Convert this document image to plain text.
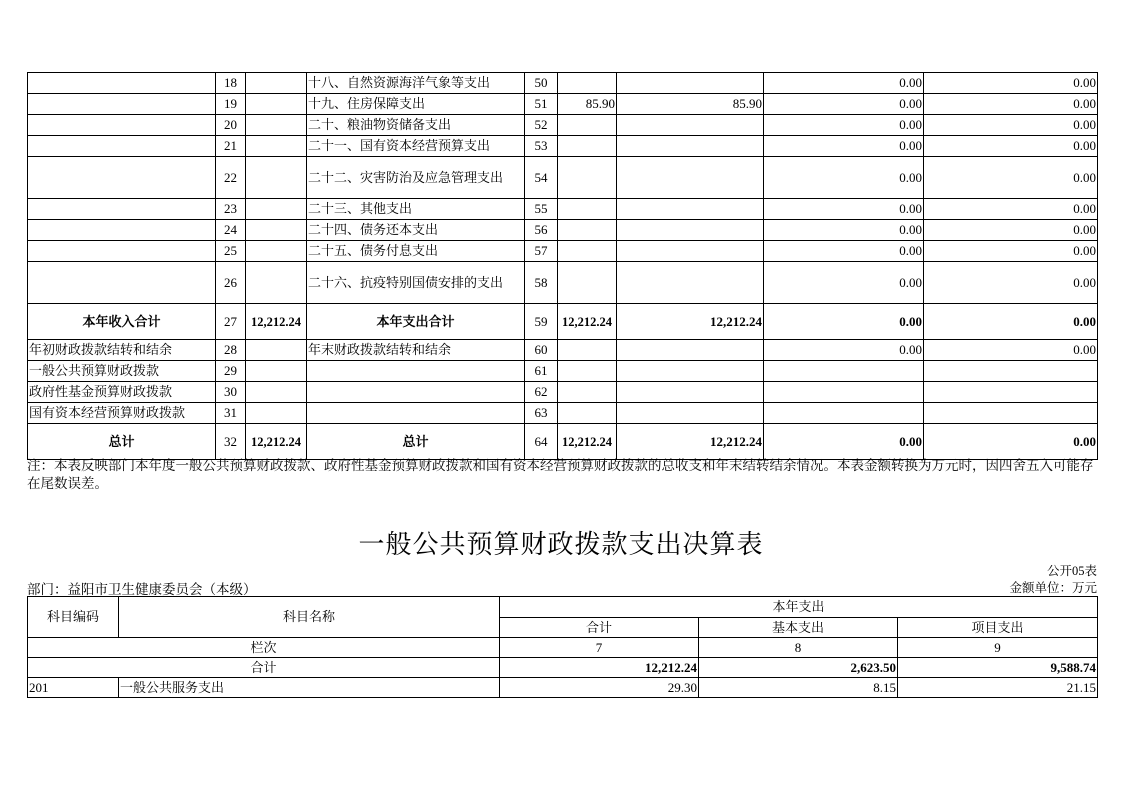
	18		十八、自然资源海洋气象等支出	50			0.00	0.00
	19		十九、住房保障支出	51	85.90	85.90	0.00	0.00
	20		二十、粮油物资储备支出	52			0.00	0.00
	21		二十一、国有资本经营预算支出	53			0.00	0.00
	22		二十二、灾害防治及应急管理支出	54			0.00	0.00
	23		二十三、其他支出	55			0.00	0.00
	24		二十四、债务还本支出	56			0.00	0.00
	25		二十五、债务付息支出	57			0.00	0.00
	26		二十六、抗疫特别国债安排的支出	58			0.00	0.00
本年收入合计	27	12,212.24	本年支出合计	59	12,212.24	12,212.24	0.00	0.00
年初财政拨款结转和结余	28		年末财政拨款结转和结余	60			0.00	0.00
一般公共预算财政拨款	29			61				
政府性基金预算财政拨款	30			62				
国有资本经营预算财政拨款	31			63				
总计	32	12,212.24	总计	64	12,212.24	12,212.24	0.00	0.00
注：本表反映部门本年度一般公共预算财政拨款、政府性基金预算财政拨款和国有资本经营预算财政拨款的总收支和年末结转结余情况。本表金额转换为万元时，因四舍五入可能存在尾数误差。
一般公共预算财政拨款支出决算表
公开05表
部门：益阳市卫生健康委员会（本级）	金额单位：万元
科目编码	科目名称	本年支出		
		合计	基本支出	项目支出
栏次		7	8	9
合计		12,212.24	2,623.50	9,588.74
201	一般公共服务支出	29.30	8.15	21.15
